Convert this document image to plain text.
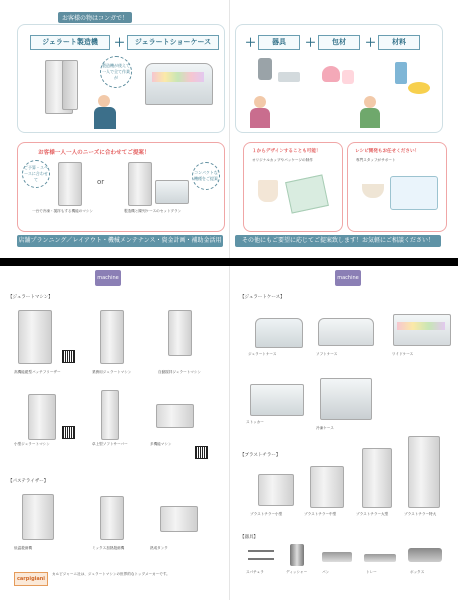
お客様の物はコンガで！
ジェラート製造機	＋	ジェラートショーケース
製造機が使えて一人で全て作業が
お客様一人一人のニーズに合わせてご提案！
ご予算・スペースに合わせて
コンパクトな機種をご提案
or
一台で冷凍・撹拌もする機能のマシン	製造機と陳列ケースのセットプラン
店舗プランニング／レイアウト・機械メンテナンス・資金計画・補助金活用
＋	器具	＋	包材	＋	材料
１からデザインすることも可能！
オリジナルカップやパッケージの制作
レシピ開発もお任せください！
専門スタッフがサポート
その他にもご要望に応じてご提案致します！お気軽にご相談ください！
machine
【ジェラートマシン】
高機能縦型バッチフリーザー	業務用ジェラートマシン	自動撹拌ジェラートマシン
小型ジェラートマシン	卓上型ソフトサーバー	多機能マシン
【パステライザー】
低温殺菌機	ミックス加熱殺菌機	熟成タンク
carpigiani
カルピジャーニ社は、ジェラートマシンの世界的なトップメーカーです。
machine
【ジェラートケース】
ジェラートケース	ソフトケース	ワイドケース
ストッカー
冷凍ケース
【ブラストチラー】
ブラストチラー小型	ブラストチラー中型	ブラストチラー大型	ブラストチラー特大
【器具】
スパチュラ	ディッシャー	パン	トレー	ボックス
